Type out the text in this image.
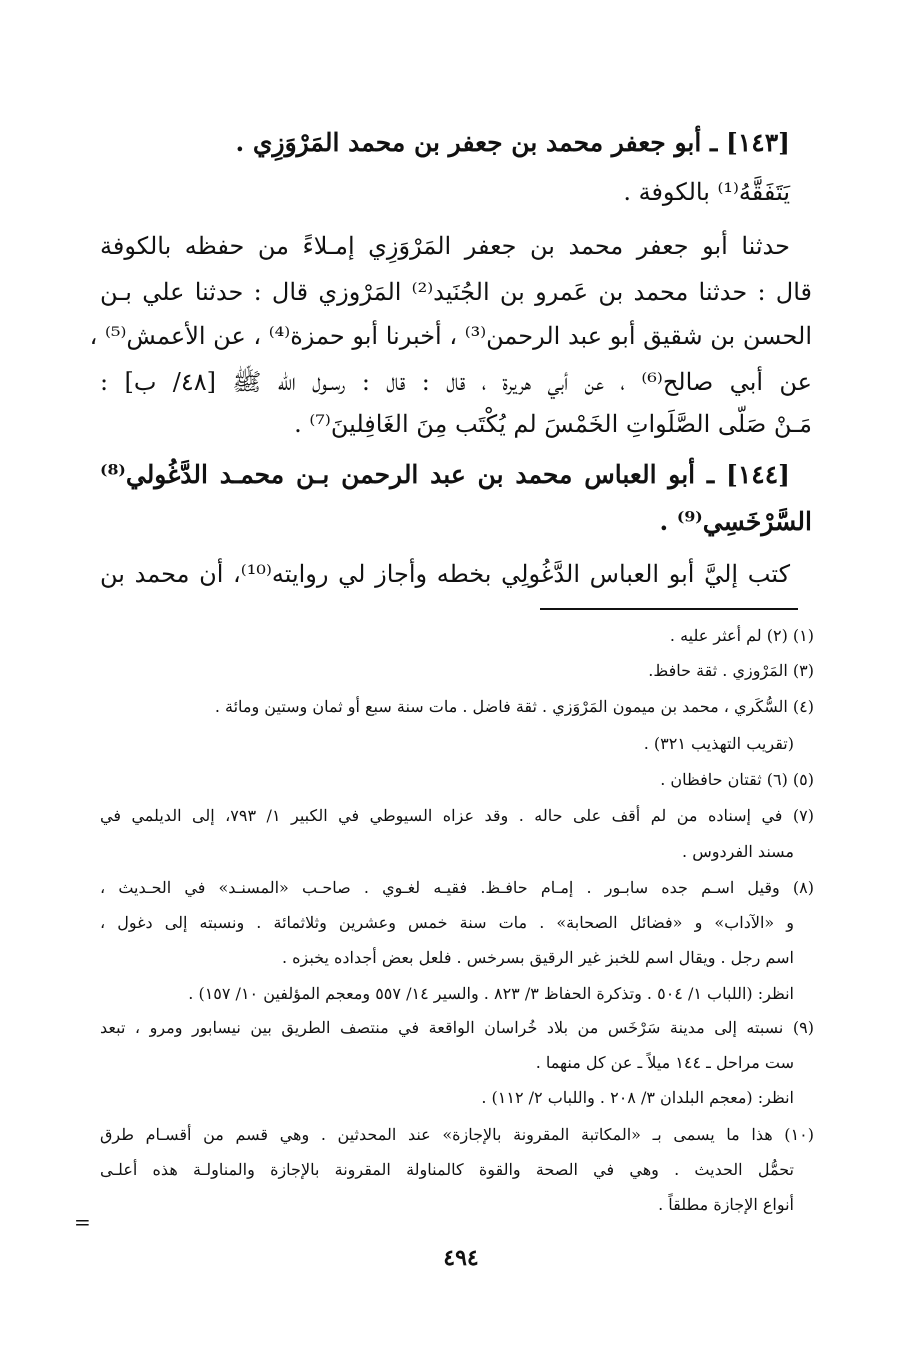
[١٤٣] ـ أبو جعفر محمد بن جعفر بن محمد المَرْوَزِي .
يَتَفَقَّهُ⁽¹⁾ بالكوفة .
حدثنا أبو جعفر محمد بن جعفر المَرْوَزِي إمـلاءً من حفظه بالكوفة
قال : حدثنا محمد بن عَمرو بن الجُنَيد⁽²⁾ المَرْوزي قال : حدثنا علي بـن
الحسن بن شقيق أبو عبد الرحمن⁽³⁾ ، أخبرنا أبو حمزة⁽⁴⁾ ، عن الأعمش⁽⁵⁾ ،
عن أبي صالح⁽⁶⁾ ، عن أبي هريرة ، قال : قال : رسـول الله ﷺ [٤٨/ ب] :
مَـنْ صَلّى الصَّلَواتِ الخَمْسَ لم يُكْتَب مِنَ الغَافِلينَ⁽⁷⁾ .
[١٤٤] ـ أبو العباس محمد بن عبد الرحمن بـن محمـد الدَّغُولي⁽⁸⁾
السَّرْخَسِي⁽⁹⁾ .
كتب إليَّ أبو العباس الدَّغُولِي بخطه وأجاز لي روايته⁽¹⁰⁾، أن محمد بن
(١) (٢) لم أعثر عليه .
(٣) المَرْوزي . ثقة حافظ.
(٤) السُّكَري ، محمد بن ميمون المَرْوَزي . ثقة فاضل . مات سنة سبع أو ثمان وستين ومائة .
(تقريب التهذيب ٣٢١) .
(٥) (٦) ثقتان حافظان .
(٧) في إسناده من لم أقف على حاله . وقد عزاه السيوطي في الكبير ١/ ٧٩٣، إلى الديلمي في
مسند الفردوس .
(٨) وقيل اسـم جده سابـور . إمـام حافـظ. فقيـه لغـوي . صاحـب «المسنـد» في الحـديث ،
و «الآداب» و «فضائل الصحابة» . مات سنة خمس وعشرين وثلاثمائة . ونسبته إلى دغول ،
اسم رجل . ويقال اسم للخبز غير الرقيق بسرخس . فلعل بعض أجداده يخبزه .
انظر: (اللباب ١/ ٥٠٤ . وتذكرة الحفاظ ٣/ ٨٢٣ . والسير ١٤/ ٥٥٧ ومعجم المؤلفين ١٠/ ١٥٧) .
(٩) نسبته إلى مدينة سَرْخَس من بلاد خُراسان الواقعة في منتصف الطريق بين نيسابور ومرو ، تبعد
ست مراحل ـ ١٤٤ ميلاً ـ عن كل منهما .
انظر: (معجم البلدان ٣/ ٢٠٨ . واللباب ٢/ ١١٢) .
(١٠) هذا ما يسمى بـ «المكاتبة المقرونة بالإجازة» عند المحدثين . وهي قسم من أقسـام طرق
تحمُّل الحديث . وهي في الصحة والقوة كالمناولة المقرونة بالإجازة والمناولـة هذه أعلـى
أنواع الإجازة مطلقاً .
=
٤٩٤
